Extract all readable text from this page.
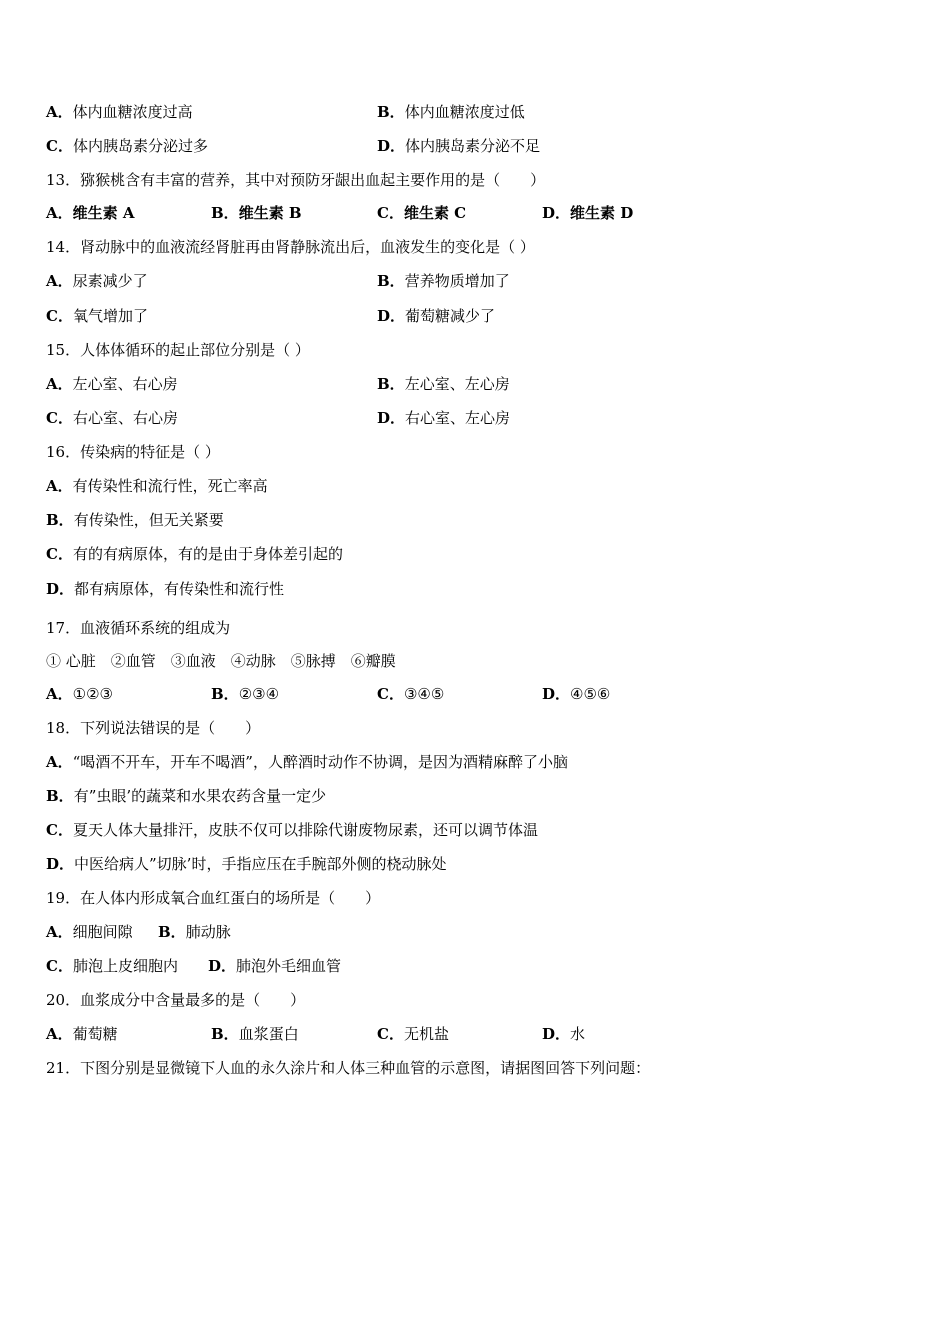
A．体内血糖浓度过高	B．体内血糖浓度过低
C．体内胰岛素分泌过多	D．体内胰岛素分泌不足
13．猕猴桃含有丰富的营养，其中对预防牙龈出血起主要作用的是（　　）
A．维生素 A	B．维生素 B	C．维生素 C	D．维生素 D
14．肾动脉中的血液流经肾脏再由肾静脉流出后，血液发生的变化是（ ）
A．尿素减少了	B．营养物质增加了
C．氧气增加了	D．葡萄糖减少了
15．人体体循环的起止部位分别是（ ）
A．左心室、右心房	B．左心室、左心房
C．右心室、右心房	D．右心室、左心房
16．传染病的特征是（ ）
A．有传染性和流行性，死亡率高
B．有传染性，但无关紧要
C．有的有病原体，有的是由于身体差引起的
D．都有病原体，有传染性和流行性
17．血液循环系统的组成为
① 心脏　②血管　③血液　④动脉　⑤脉搏　⑥瓣膜
A．①②③	B．②③④	C．③④⑤	D．④⑤⑥
18．下列说法错误的是（　　）
A．“喝酒不开车，开车不喝酒”，人醉酒时动作不协调，是因为酒精麻醉了小脑
B．有”虫眼’的蔬菜和水果农药含量一定少
C．夏天人体大量排汗，皮肤不仅可以排除代谢废物尿素，还可以调节体温
D．中医给病人”切脉’时，手指应压在手腕部外侧的桡动脉处
19．在人体内形成氧合血红蛋白的场所是（　　）
A．细胞间隙 B．肺动脉
C．肺泡上皮细胞内 D．肺泡外毛细血管
20．血浆成分中含量最多的是（　　）
A．葡萄糖	B．血浆蛋白	C．无机盐	D．水
21．下图分别是显微镜下人血的永久涂片和人体三种血管的示意图，请据图回答下列问题：
